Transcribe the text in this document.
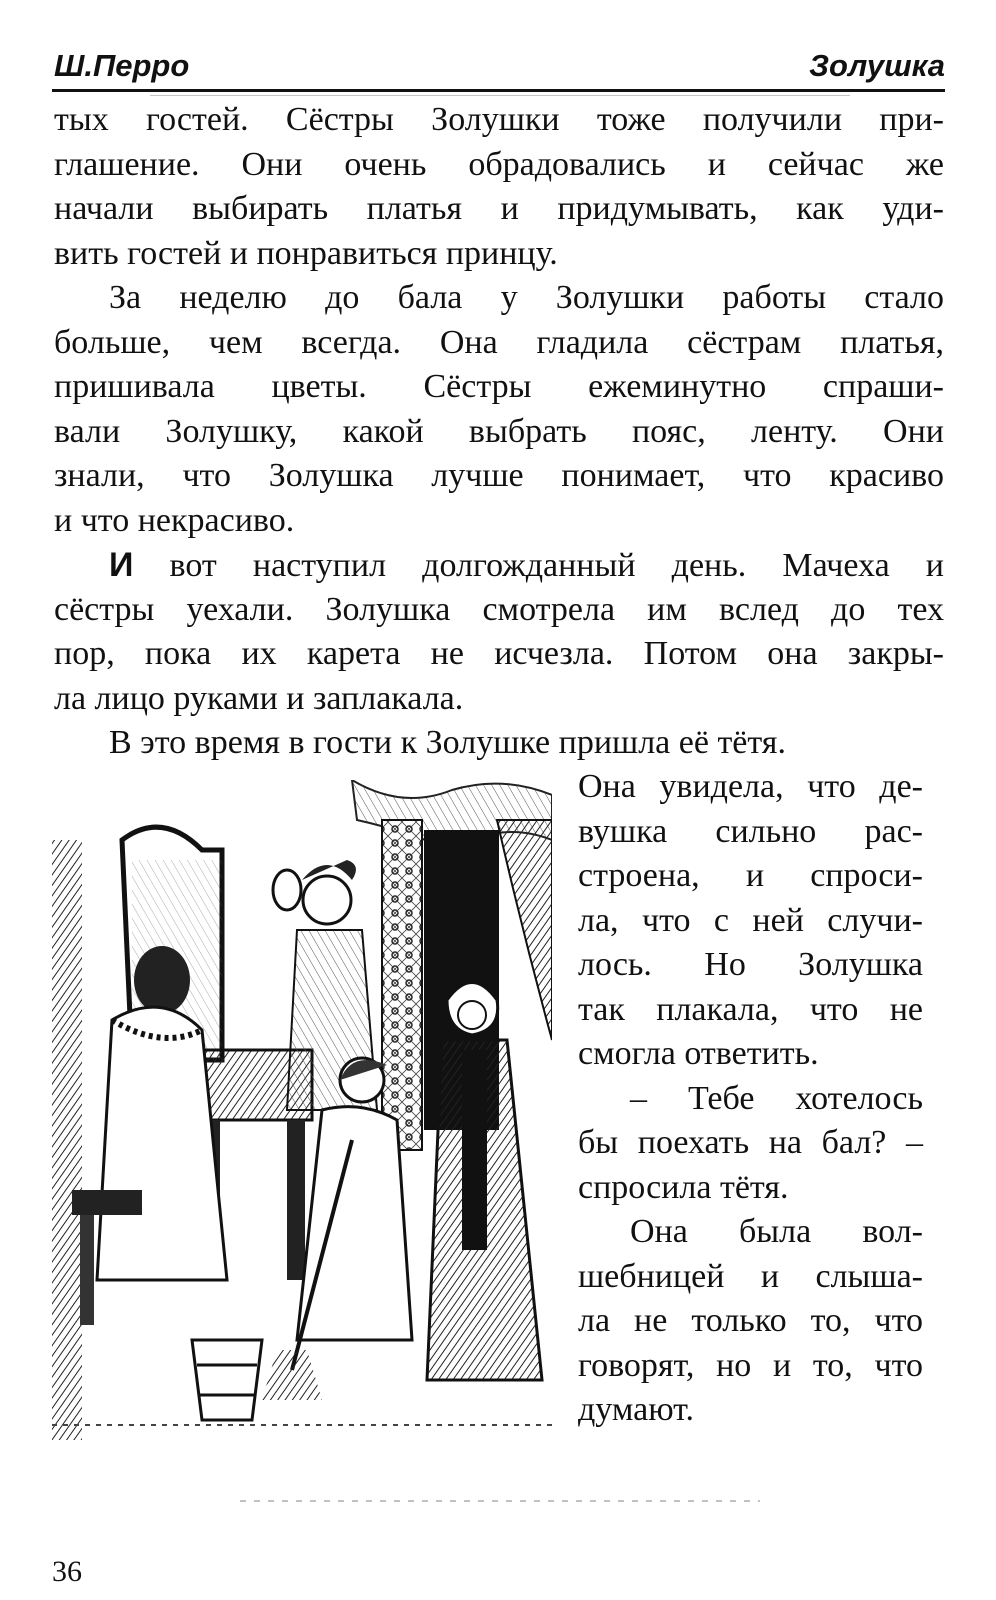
Ш.Перро	Золушка
тых гостей. Сёстры Золушки тоже получили при-
глашение. Они очень обрадовались и сейчас же
начали выбирать платья и придумывать, как уди-
вить гостей и понравиться принцу.
За неделю до бала у Золушки работы стало
больше, чем всегда. Она гладила сёстрам платья,
пришивала цветы. Сёстры ежеминутно спраши-
вали Золушку, какой выбрать пояс, ленту. Они
знали, что Золушка лучше понимает, что красиво
и что некрасиво.
И вот наступил долгожданный день. Мачеха и
сёстры уехали. Золушка смотрела им вслед до тех
пор, пока их карета не исчезла. Потом она закры-
ла лицо руками и заплакала.
В это время в гости к Золушке пришла её тётя.
Она увидела, что де-
вушка сильно рас-
строена, и спроси-
ла, что с ней случи-
лось. Но Золушка
так плакала, что не
смогла ответить.
– Тебе хотелось
бы поехать на бал? –
спросила тётя.
Она была вол-
шебницей и слыша-
ла не только то, что
говорят, но и то, что
думают.
36
